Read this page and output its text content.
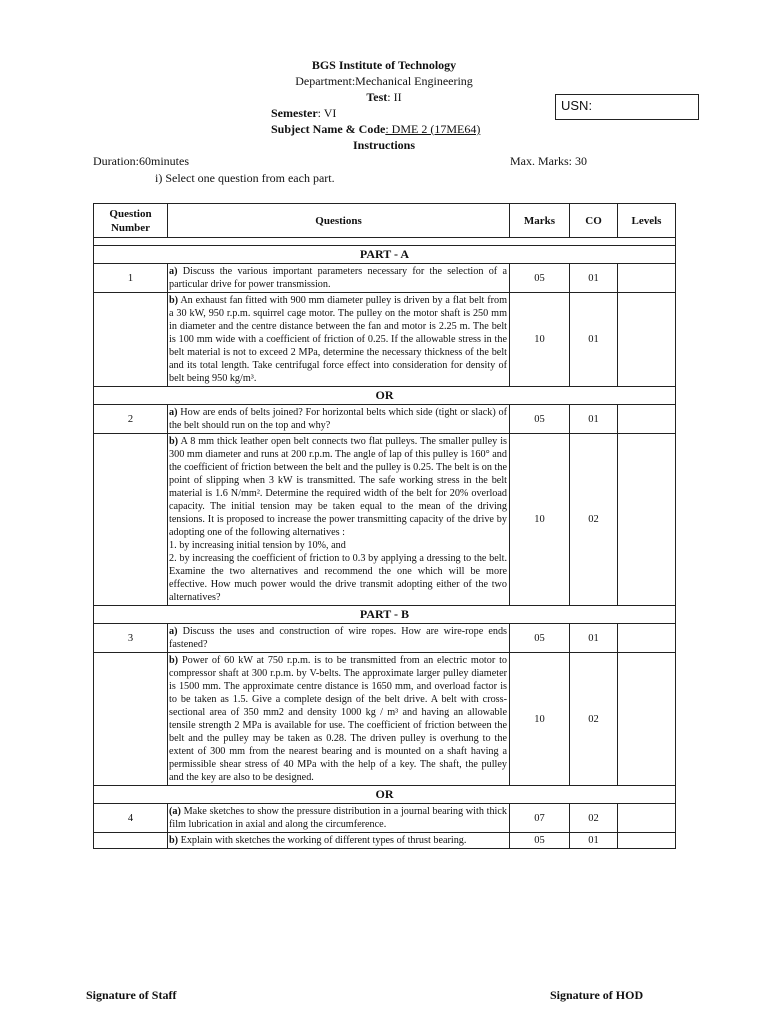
BGS Institute of Technology
Department:Mechanical Engineering
Test: II
Semester: VI
Subject Name & Code: DME 2 (17ME64)
Instructions
USN:
Duration:60minutes	Max. Marks: 30
i) Select one question from each part.
Question Number	Questions	Marks	CO	Levels

PART - A				
1	a) Discuss the various important parameters necessary for the selection of a particular drive for power transmission.	05	01	
	b) An exhaust fan fitted with 900 mm diameter pulley is driven by a flat belt from a 30 kW, 950 r.p.m. squirrel cage motor. The pulley on the motor shaft is 250 mm in diameter and the centre distance between the fan and motor is 2.25 m. The belt is 100 mm wide with a coefficient of friction of 0.25. If the allowable stress in the belt material is not to exceed 2 MPa, determine the necessary thickness of the belt and its total length. Take centrifugal force effect into consideration for density of belt being 950 kg/m³.	10	01	
OR				
2	a) How are ends of belts joined? For horizontal belts which side (tight or slack) of the belt should run on the top and why?	05	01	
	b) A 8 mm thick leather open belt connects two flat pulleys. The smaller pulley is 300 mm diameter and runs at 200 r.p.m. The angle of lap of this pulley is 160° and the coefficient of friction between the belt and the pulley is 0.25. The belt is on the point of slipping when 3 kW is transmitted. The safe working stress in the belt material is 1.6 N/mm². Determine the required width of the belt for 20% overload capacity. The initial tension may be taken equal to the mean of the driving tensions. It is proposed to increase the power transmitting capacity of the drive by adopting one of the following alternatives :
1. by increasing initial tension by 10%, and
2. by increasing the coefficient of friction to 0.3 by applying a dressing to the belt. Examine the two alternatives and recommend the one which will be more effective. How much power would the drive transmit adopting either of the two alternatives?	10	02	
PART - B				
3	a) Discuss the uses and construction of wire ropes. How are wire-rope ends fastened?	05	01	
	b) Power of 60 kW at 750 r.p.m. is to be transmitted from an electric motor to compressor shaft at 300 r.p.m. by V-belts. The approximate larger pulley diameter is 1500 mm. The approximate centre distance is 1650 mm, and overload factor is to be taken as 1.5. Give a complete design of the belt drive. A belt with cross-sectional area of 350 mm2 and density 1000 kg / m³ and having an allowable tensile strength 2 MPa is available for use. The coefficient of friction between the belt and the pulley may be taken as 0.28. The driven pulley is overhung to the extent of 300 mm from the nearest bearing and is mounted on a shaft having a permissible shear stress of 40 MPa with the help of a key. The shaft, the pulley and the key are also to be designed.	10	02	
OR				
4	(a) Make sketches to show the pressure distribution in a journal bearing with thick film lubrication in axial and along the circumference.	07	02	
	b) Explain with sketches the working of different types of thrust bearing.	05	01	
Signature of Staff	Signature of HOD
